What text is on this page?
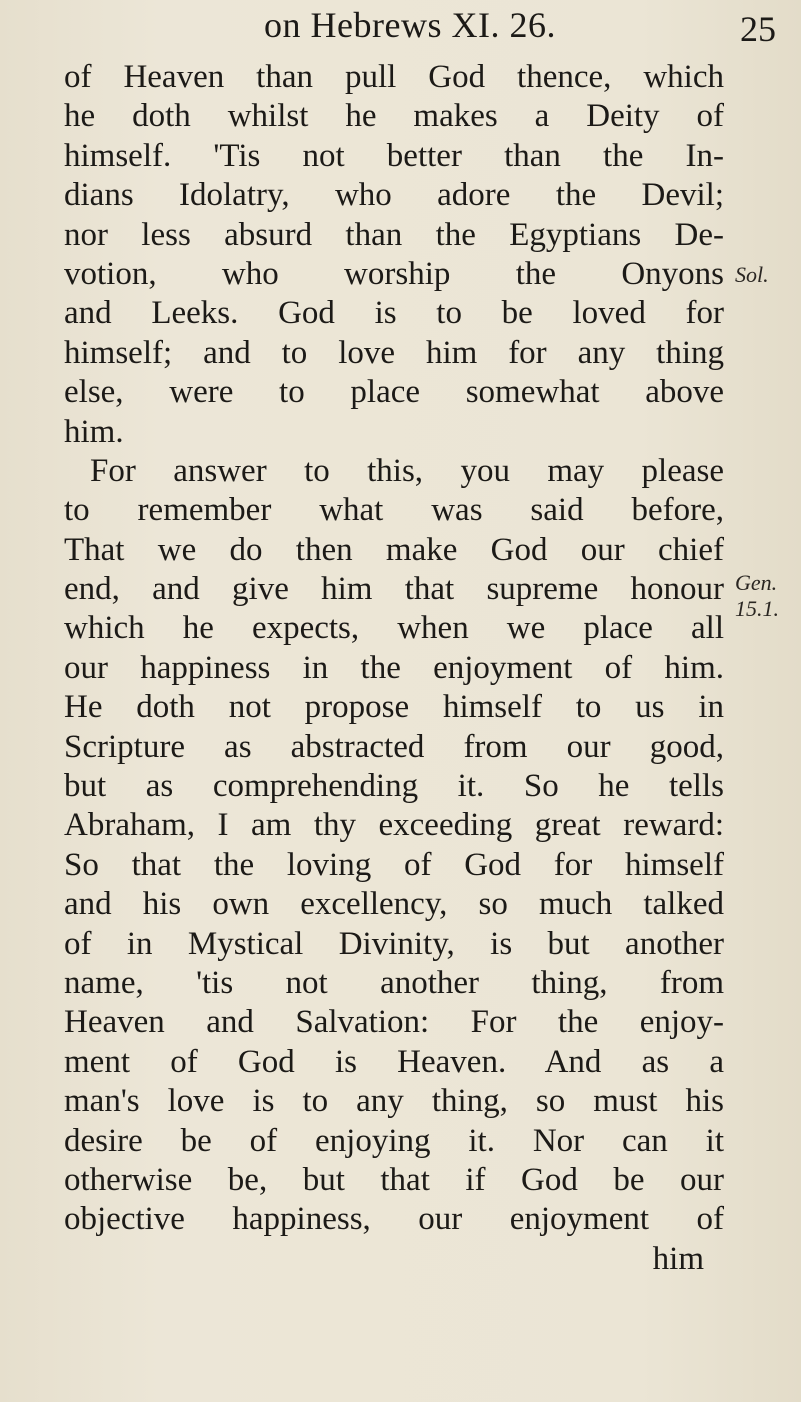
on Hebrews XI. 26.	25
of Heaven than pull God thence, which
he doth whilst he makes a Deity of
himself. 'Tis not better than the In-
dians Idolatry, who adore the Devil;
nor less absurd than the Egyptians De-
votion, who worship the Onyons
and Leeks. God is to be loved for
himself; and to love him for any thing
else, were to place somewhat above
him.
For answer to this, you may please
to remember what was said before,
That we do then make God our chief
end, and give him that supreme honour
which he expects, when we place all
our happiness in the enjoyment of him.
He doth not propose himself to us in
Scripture as abstracted from our good,
but as comprehending it. So he tells
Abraham, I am thy exceeding great reward:
So that the loving of God for himself
and his own excellency, so much talked
of in Mystical Divinity, is but another
name, 'tis not another thing, from
Heaven and Salvation: For the enjoy-
ment of God is Heaven. And as a
man's love is to any thing, so must his
desire be of enjoying it. Nor can it
otherwise be, but that if God be our
objective happiness, our enjoyment of
him
Sol.
Gen. 15.1.
